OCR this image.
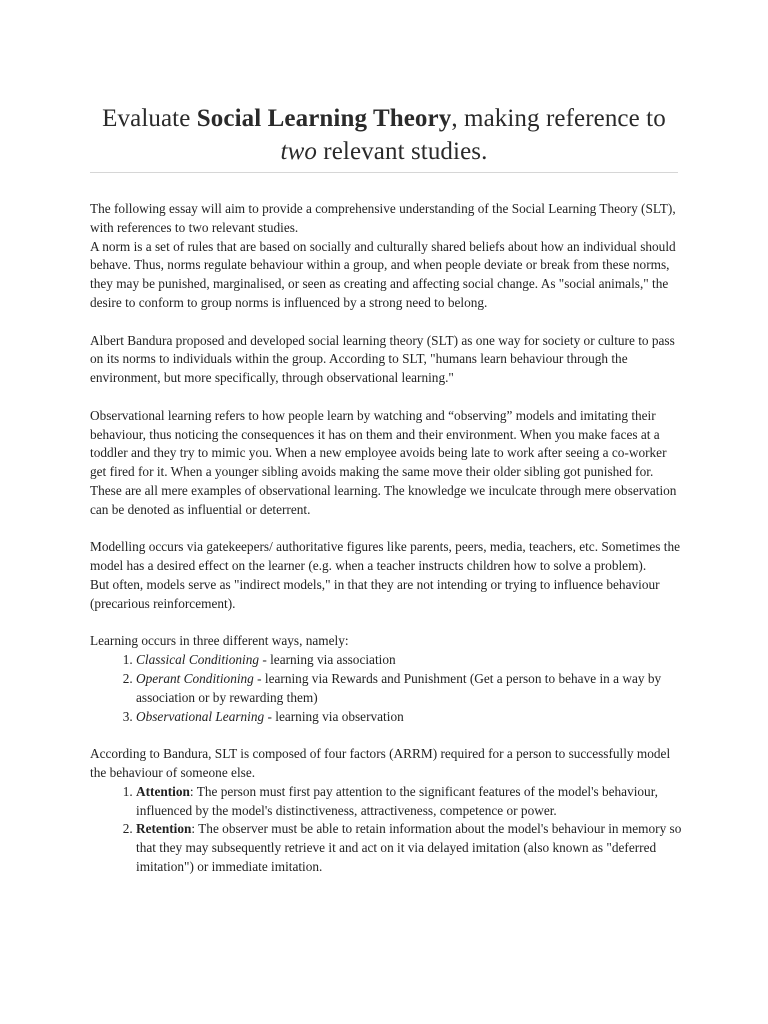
Evaluate Social Learning Theory, making reference to two relevant studies.

The following essay will aim to provide a comprehensive understanding of the Social Learning Theory (SLT), with references to two relevant studies.

A norm is a set of rules that are based on socially and culturally shared beliefs about how an individual should behave. Thus, norms regulate behaviour within a group, and when people deviate or break from these norms, they may be punished, marginalised, or seen as creating and affecting social change. As "social animals," the desire to conform to group norms is influenced by a strong need to belong.

Albert Bandura proposed and developed social learning theory (SLT) as one way for society or culture to pass on its norms to individuals within the group. According to SLT, "humans learn behaviour through the environment, but more specifically, through observational learning."

Observational learning refers to how people learn by watching and “observing” models and imitating their behaviour, thus noticing the consequences it has on them and their environment. When you make faces at a toddler and they try to mimic you. When a new employee avoids being late to work after seeing a co-worker get fired for it. When a younger sibling avoids making the same move their older sibling got punished for. These are all mere examples of observational learning. The knowledge we inculcate through mere observation can be denoted as influential or deterrent.

Modelling occurs via gatekeepers/ authoritative figures like parents, peers, media, teachers, etc. Sometimes the model has a desired effect on the learner (e.g. when a teacher instructs children how to solve a problem).

But often, models serve as "indirect models," in that they are not intending or trying to influence behaviour (precarious reinforcement).

Learning occurs in three different ways, namely:

1. Classical Conditioning - learning via association
2. Operant Conditioning - learning via Rewards and Punishment (Get a person to behave in a way by association or by rewarding them)
3. Observational Learning - learning via observation

According to Bandura, SLT is composed of four factors (ARRM) required for a person to successfully model the behaviour of someone else.

1. Attention: The person must first pay attention to the significant features of the model's behaviour, influenced by the model's distinctiveness, attractiveness, competence or power.
2. Retention: The observer must be able to retain information about the model's behaviour in memory so that they may subsequently retrieve it and act on it via delayed imitation (also known as "deferred imitation") or immediate imitation.
